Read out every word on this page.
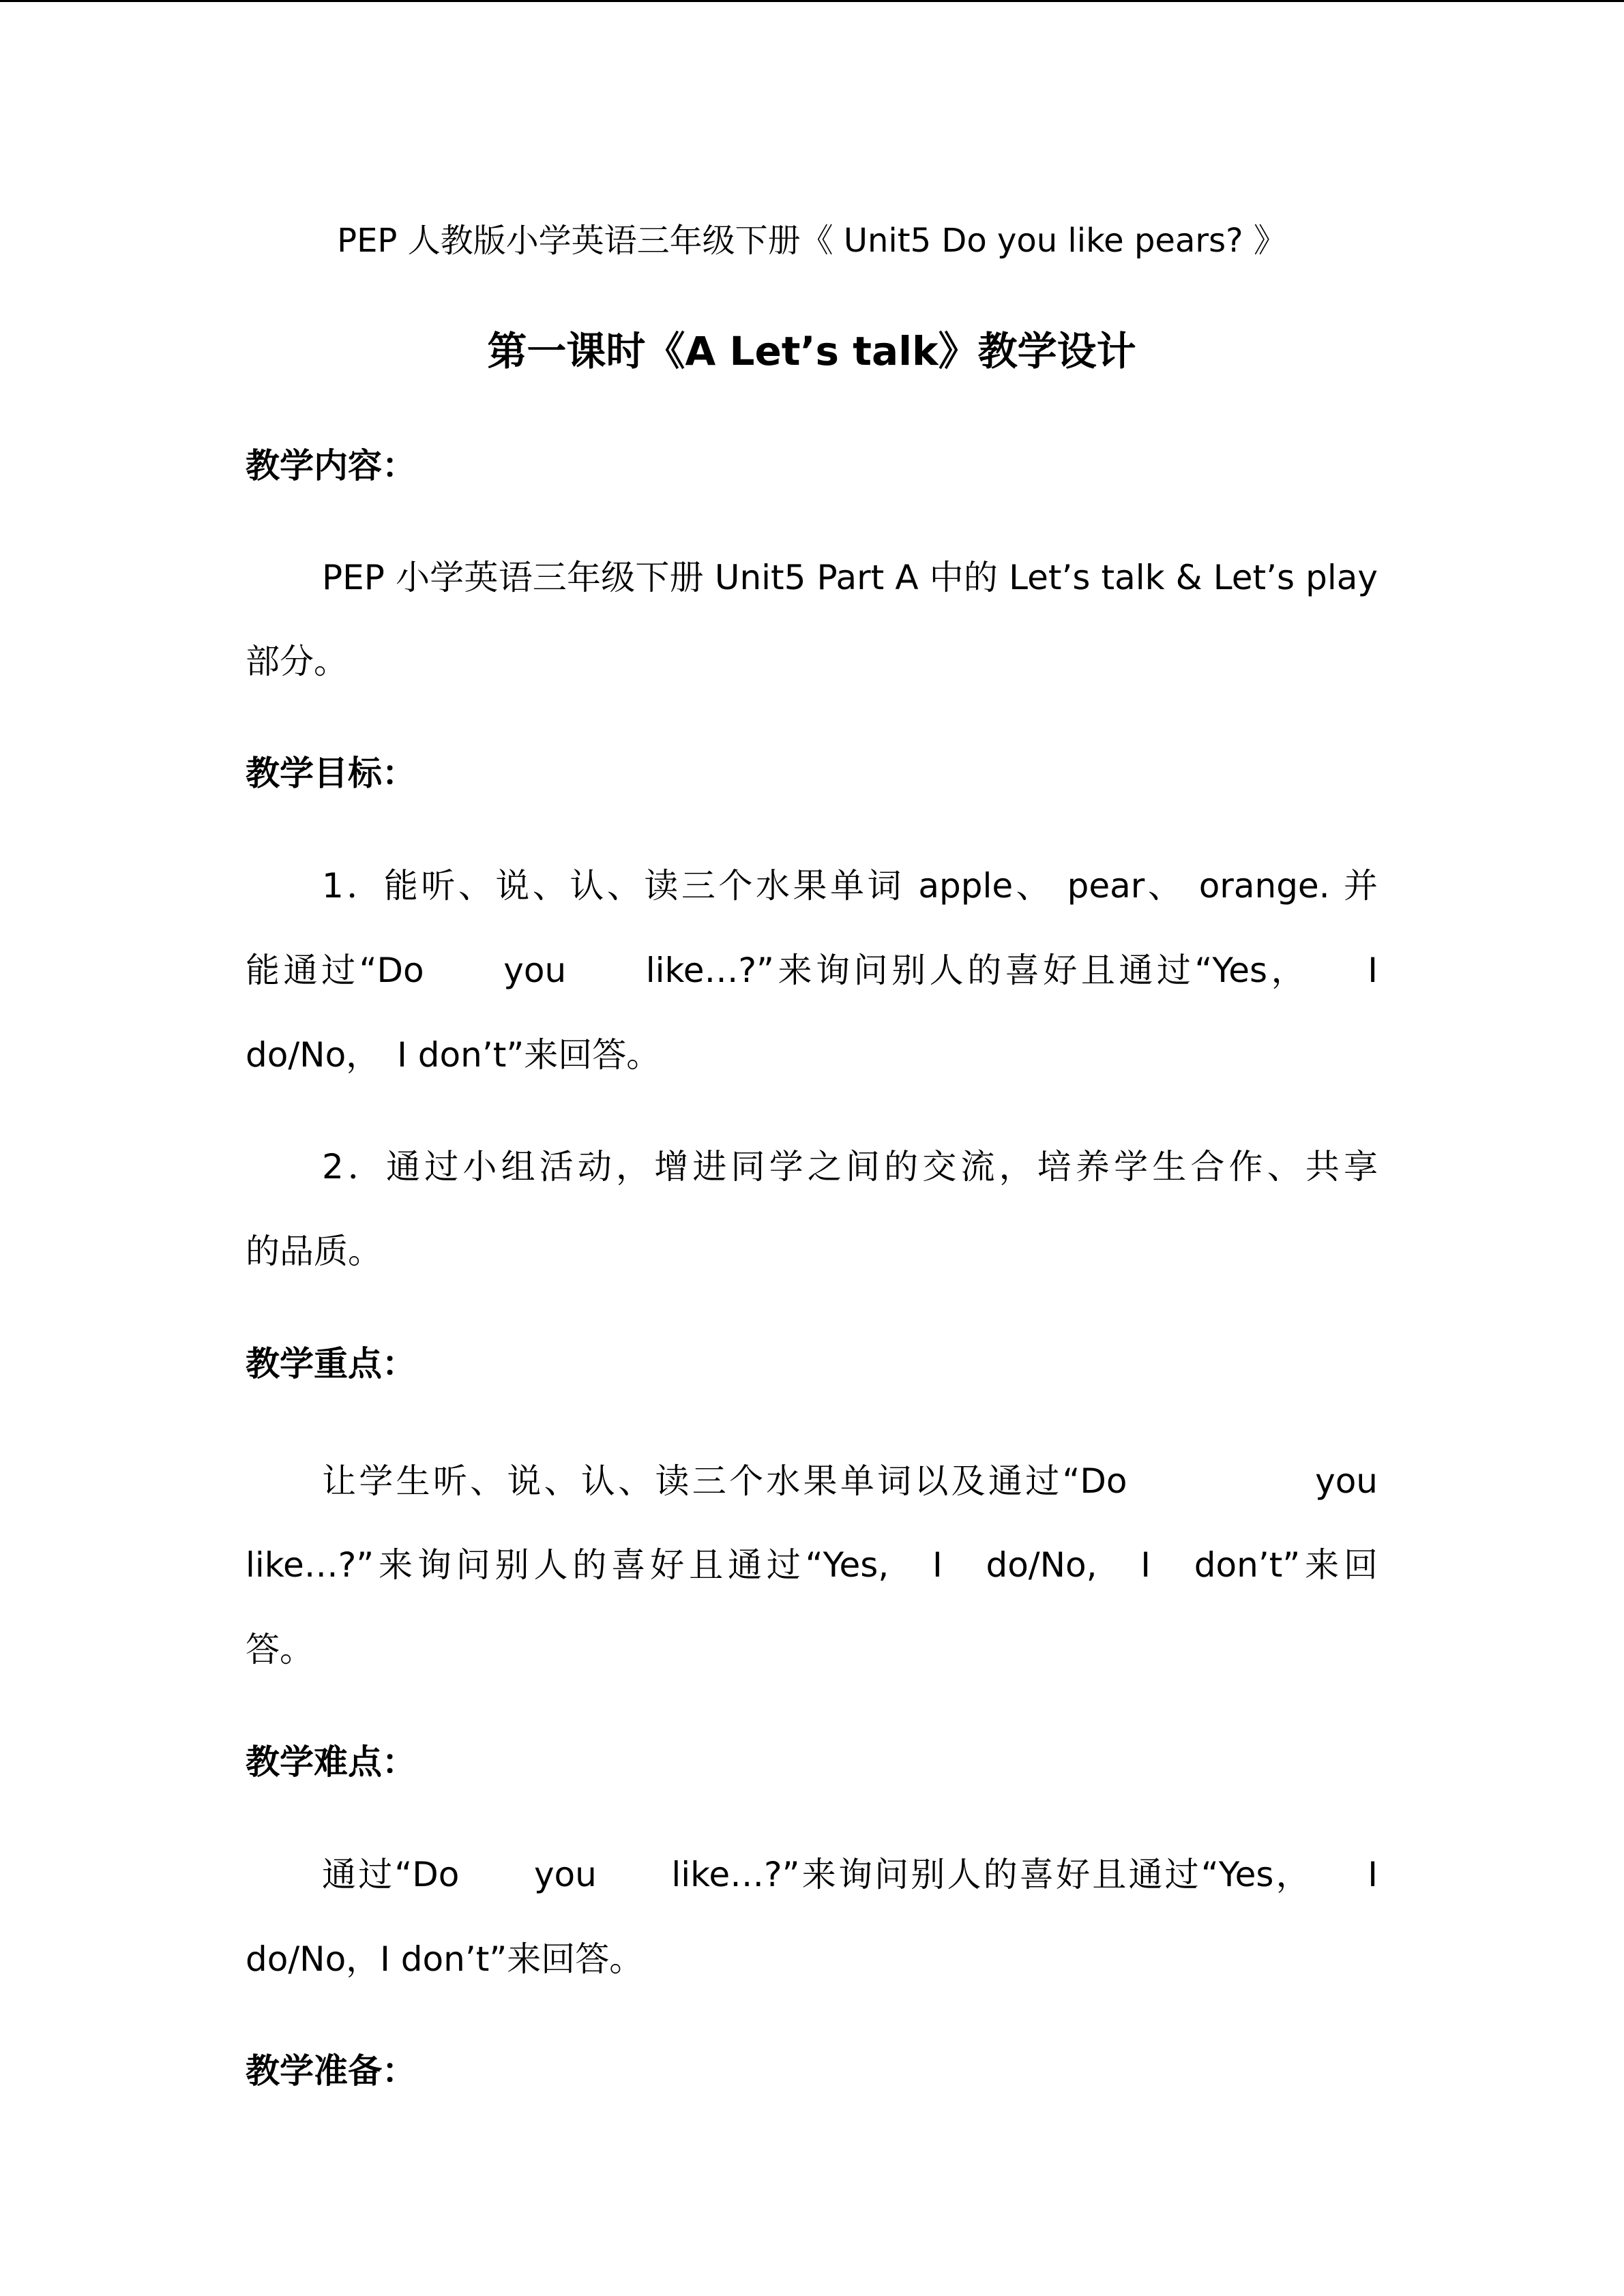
PEP 人教版小学英语三年级下册《 Unit5 Do you like pears? 》
第一课时《A Let’s talk》教学设计
教学内容：
PEP 小学英语三年级下册 Unit5 Part A 中的 Let’s talk & Let’s play
部分。
教学目标：
1．能听、说、认、读三个水果单词 apple、 pear、 orange. 并
能通过“Do　　you　　like…?”来询问别人的喜好且通过“Yes，　　I
do/No，　I don’t”来回答。
2．通过小组活动，增进同学之间的交流，培养学生合作、共享
的品质。
教学重点：
让学生听、说、认、读三个水果单词以及通过“Do　　　　　you
like…?”来询问别人的喜好且通过“Yes,　I　do/No,　I　don’t”来回
答。
教学难点：
通过“Do　　you　　like…?”来询问别人的喜好且通过“Yes，　　I
do/No，I don’t”来回答。
教学准备：
